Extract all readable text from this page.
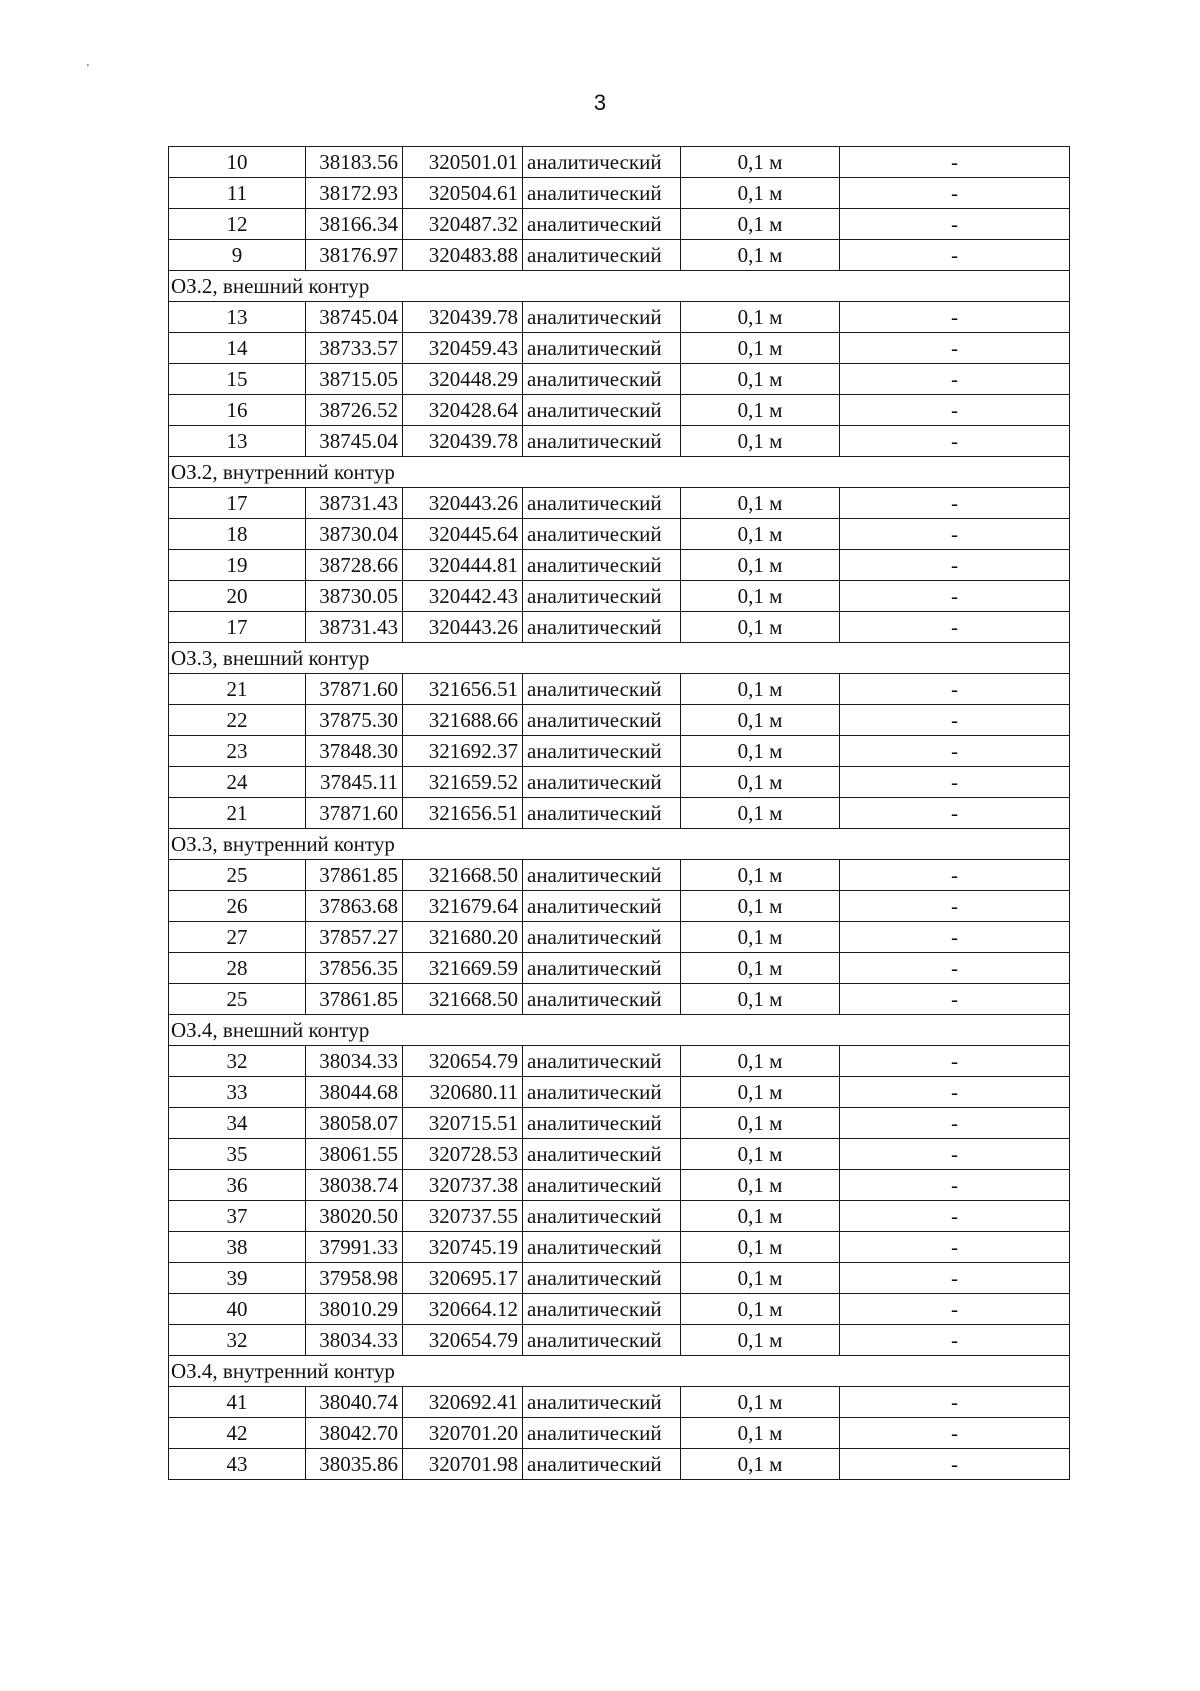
ʼ
3
10	38183.56	320501.01	аналитический	0,1 м	-
11	38172.93	320504.61	аналитический	0,1 м	-
12	38166.34	320487.32	аналитический	0,1 м	-
9	38176.97	320483.88	аналитический	0,1 м	-
ОЗ.2, внешний контур					
13	38745.04	320439.78	аналитический	0,1 м	-
14	38733.57	320459.43	аналитический	0,1 м	-
15	38715.05	320448.29	аналитический	0,1 м	-
16	38726.52	320428.64	аналитический	0,1 м	-
13	38745.04	320439.78	аналитический	0,1 м	-
ОЗ.2, внутренний контур					
17	38731.43	320443.26	аналитический	0,1 м	-
18	38730.04	320445.64	аналитический	0,1 м	-
19	38728.66	320444.81	аналитический	0,1 м	-
20	38730.05	320442.43	аналитический	0,1 м	-
17	38731.43	320443.26	аналитический	0,1 м	-
ОЗ.3, внешний контур					
21	37871.60	321656.51	аналитический	0,1 м	-
22	37875.30	321688.66	аналитический	0,1 м	-
23	37848.30	321692.37	аналитический	0,1 м	-
24	37845.11	321659.52	аналитический	0,1 м	-
21	37871.60	321656.51	аналитический	0,1 м	-
ОЗ.3, внутренний контур					
25	37861.85	321668.50	аналитический	0,1 м	-
26	37863.68	321679.64	аналитический	0,1 м	-
27	37857.27	321680.20	аналитический	0,1 м	-
28	37856.35	321669.59	аналитический	0,1 м	-
25	37861.85	321668.50	аналитический	0,1 м	-
ОЗ.4, внешний контур					
32	38034.33	320654.79	аналитический	0,1 м	-
33	38044.68	320680.11	аналитический	0,1 м	-
34	38058.07	320715.51	аналитический	0,1 м	-
35	38061.55	320728.53	аналитический	0,1 м	-
36	38038.74	320737.38	аналитический	0,1 м	-
37	38020.50	320737.55	аналитический	0,1 м	-
38	37991.33	320745.19	аналитический	0,1 м	-
39	37958.98	320695.17	аналитический	0,1 м	-
40	38010.29	320664.12	аналитический	0,1 м	-
32	38034.33	320654.79	аналитический	0,1 м	-
ОЗ.4, внутренний контур					
41	38040.74	320692.41	аналитический	0,1 м	-
42	38042.70	320701.20	аналитический	0,1 м	-
43	38035.86	320701.98	аналитический	0,1 м	-
